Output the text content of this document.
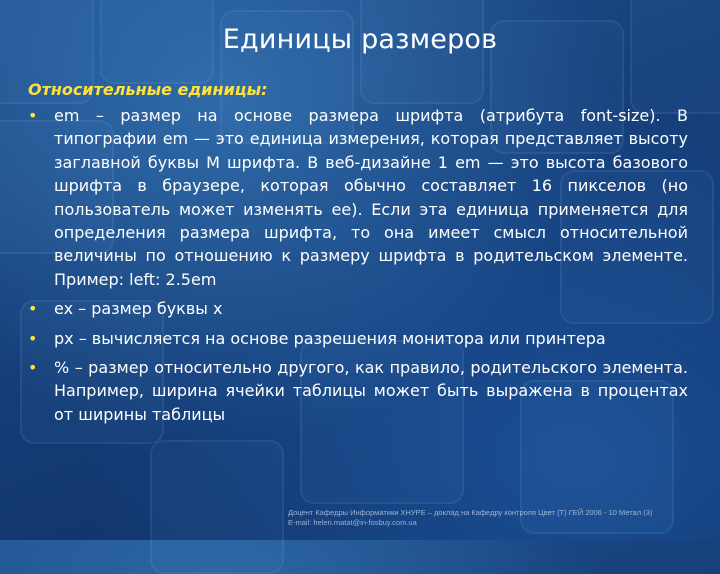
Единицы размеров
Относительные единицы:
• em – размер на основе размера шрифта (атрибута font-size). В типографии em — это единица измерения, которая представляет высоту заглавной буквы М шрифта. В веб-дизайне 1 em — это высота базового шрифта в браузере, которая обычно составляет 16 пикселов (но пользователь может изменять ее). Если эта единица применяется для определения размера шрифта, то она имеет смысл относительной величины по отношению к размеру шрифта в родительском элементе. Пример: left: 2.5em
• ex – размер буквы x
• px – вычисляется на основе разрешения монитора или принтера
• % – размер относительно другого, как правило, родительского элемента. Например, ширина ячейки таблицы может быть выражена в процентах от ширины таблицы
Доцент Кафедры Информатики ХНУРЕ – доклад на Кафедру контроля Цвет (Т) ГЕЙ 2006 - 10 Метал (3)
E-mail: helen.matat@in-fosbuy.com.ua
